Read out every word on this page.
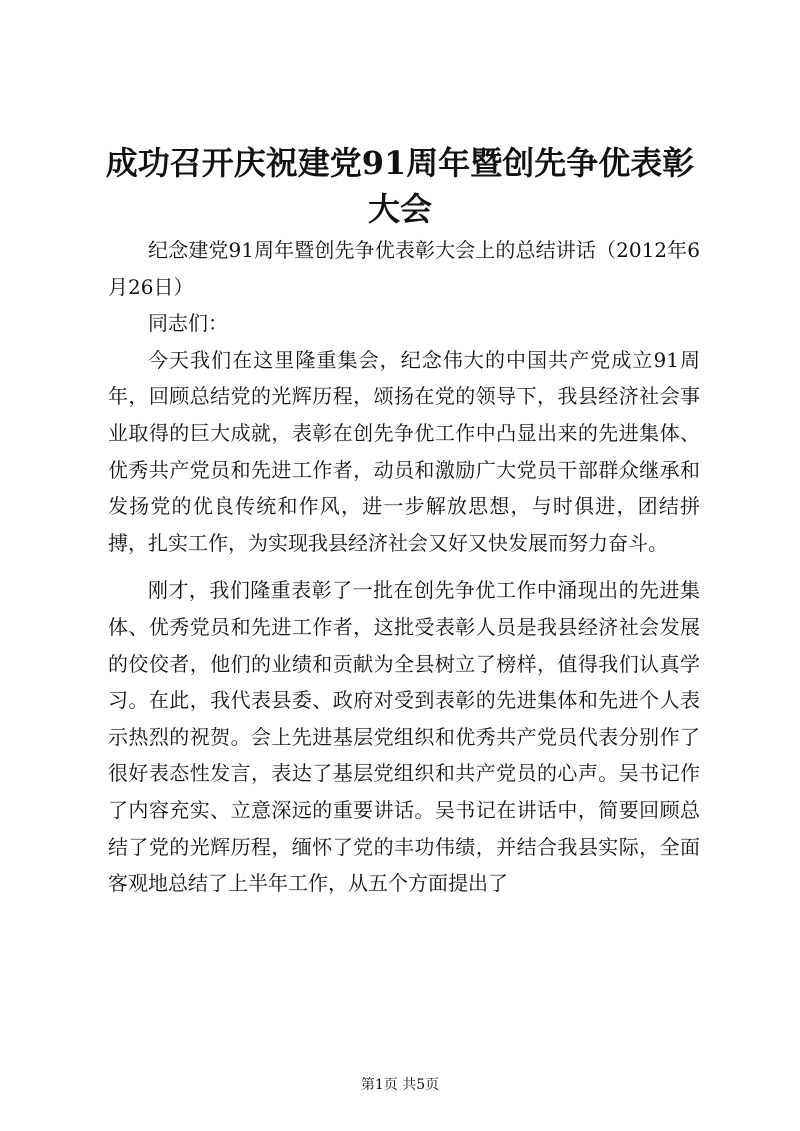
成功召开庆祝建党91周年暨创先争优表彰大会

纪念建党91周年暨创先争优表彰大会上的总结讲话（2012年6月26日）

同志们：

今天我们在这里隆重集会，纪念伟大的中国共产党成立91周年，回顾总结党的光辉历程，颂扬在党的领导下，我县经济社会事业取得的巨大成就，表彰在创先争优工作中凸显出来的先进集体、优秀共产党员和先进工作者，动员和激励广大党员干部群众继承和发扬党的优良传统和作风，进一步解放思想，与时俱进，团结拼搏，扎实工作，为实现我县经济社会又好又快发展而努力奋斗。

刚才，我们隆重表彰了一批在创先争优工作中涌现出的先进集体、优秀党员和先进工作者，这批受表彰人员是我县经济社会发展的佼佼者，他们的业绩和贡献为全县树立了榜样，值得我们认真学习。在此，我代表县委、政府对受到表彰的先进集体和先进个人表示热烈的祝贺。会上先进基层党组织和优秀共产党员代表分别作了很好表态性发言，表达了基层党组织和共产党员的心声。吴书记作了内容充实、立意深远的重要讲话。吴书记在讲话中，简要回顾总结了党的光辉历程，缅怀了党的丰功伟绩，并结合我县实际，全面客观地总结了上半年工作，从五个方面提出了

第1页 共5页
